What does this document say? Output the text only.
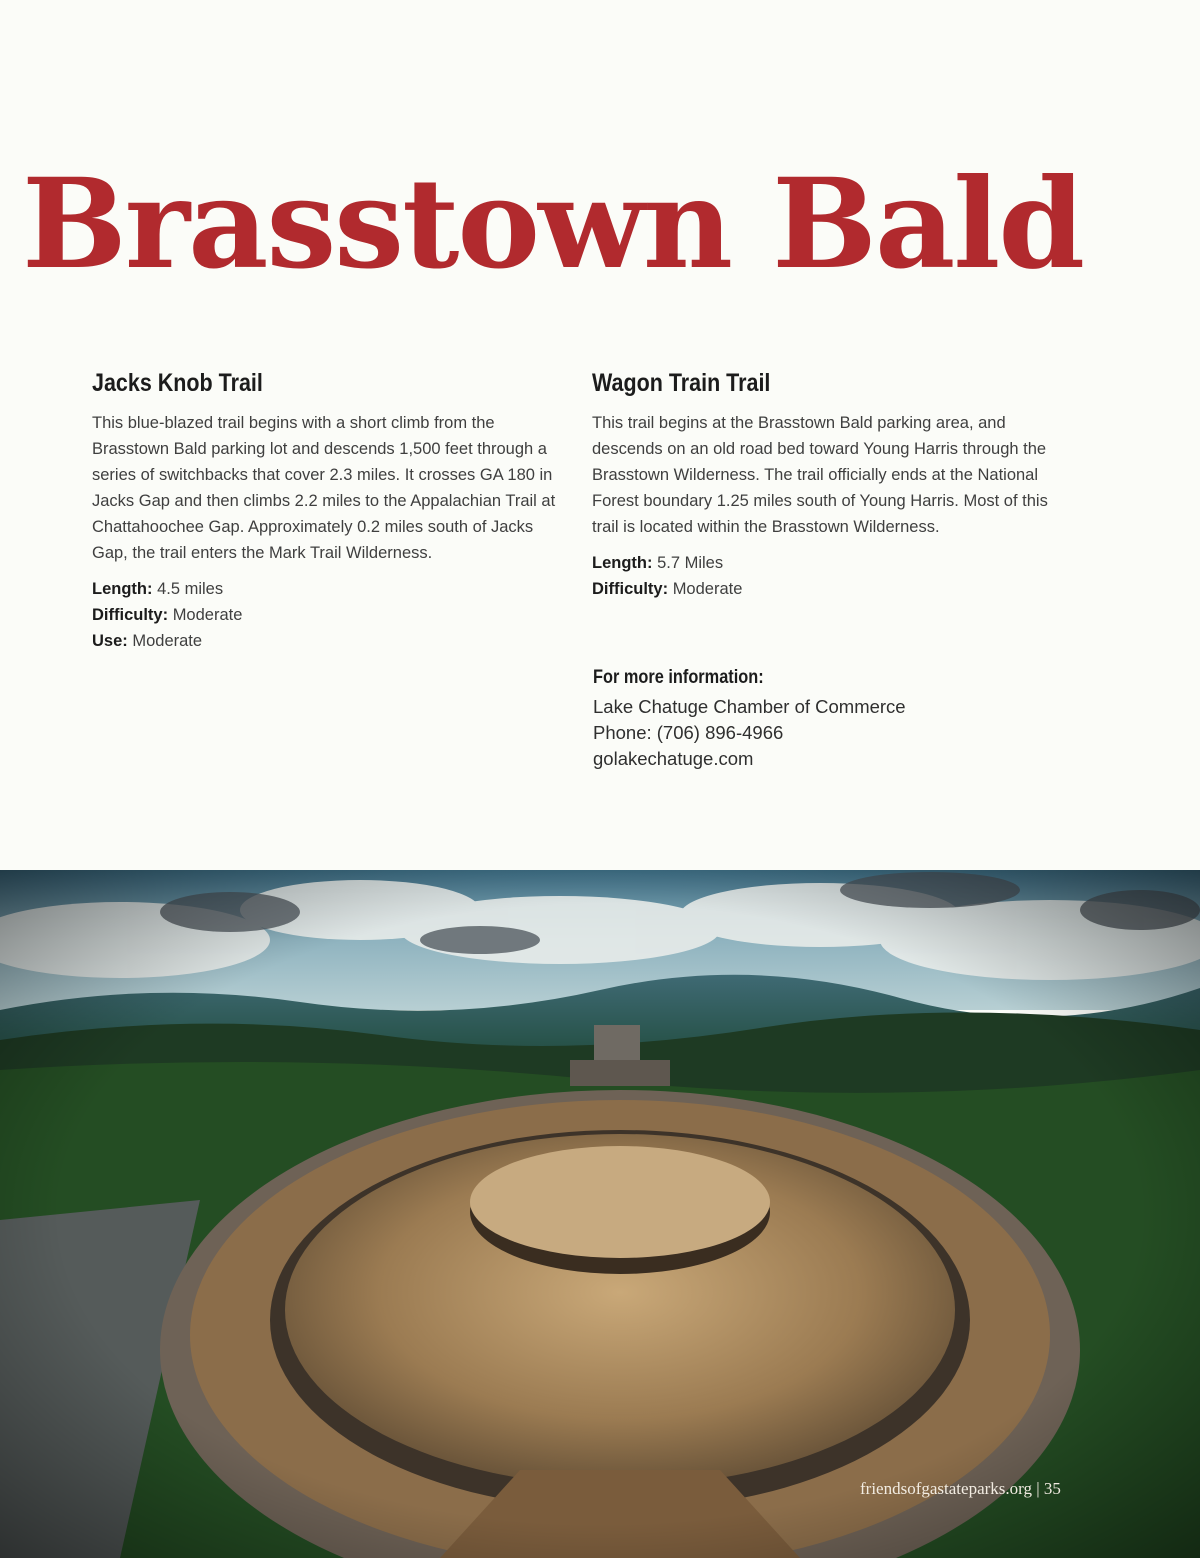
Brasstown Bald
Jacks Knob Trail

This blue-blazed trail begins with a short climb from the Brasstown Bald parking lot and descends 1,500 feet through a series of switchbacks that cover 2.3 miles. It crosses GA 180 in Jacks Gap and then climbs 2.2 miles to the Appalachian Trail at Chattahoochee Gap. Approximately 0.2 miles south of Jacks Gap, the trail enters the Mark Trail Wilderness.

Length: 4.5 miles
Difficulty: Moderate
Use: Moderate
Wagon Train Trail

This trail begins at the Brasstown Bald parking area, and descends on an old road bed toward Young Harris through the Brasstown Wilderness. The trail officially ends at the National Forest boundary 1.25 miles south of Young Harris. Most of this trail is located within the Brasstown Wilderness.

Length: 5.7 Miles
Difficulty: Moderate
For more information:
Lake Chatuge Chamber of Commerce
Phone: (706) 896-4966
golakechatuge.com
friendsofgastateparks.org | 35
